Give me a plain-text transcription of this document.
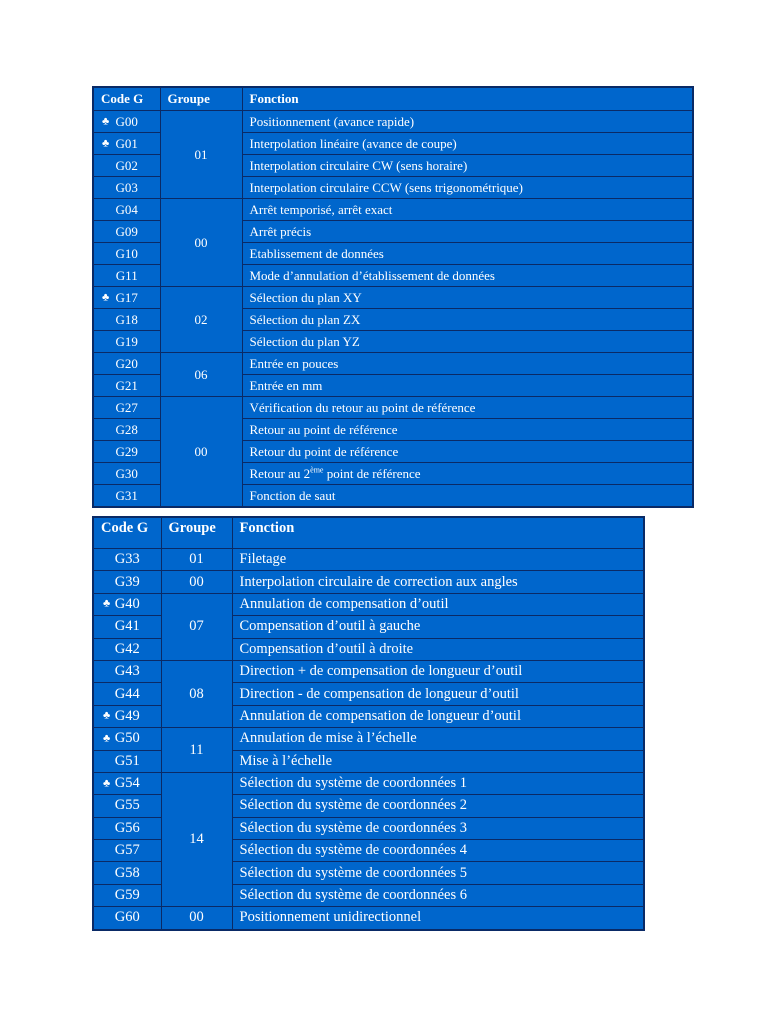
Code G	Groupe	Fonction

♣ G00	01	Positionnement (avance rapide)

♣ G01		Interpolation linéaire (avance de coupe)
G02		Interpolation circulaire CW (sens horaire)
G03		Interpolation circulaire CCW (sens trigonométrique)
G04	00	Arrêt temporisé, arrêt exact
G09		Arrêt précis
G10		Etablissement de données
G11		Mode d’annulation d’établissement de données

♣ G17	02	Sélection du plan XY
G18		Sélection du plan ZX
G19		Sélection du plan YZ
G20	06	Entrée en pouces
G21		Entrée en mm
G27	00	Vérification du retour au point de référence
G28		Retour au point de référence
G29		Retour du point de référence
G30		Retour au 2ème point de référence
G31		Fonction de saut
Code G	Groupe	Fonction
G33	01	Filetage
G39	00	Interpolation circulaire de correction aux angles

♣ G40	07	Annulation de compensation d’outil
G41		Compensation d’outil à gauche
G42		Compensation d’outil à droite
G43	08	Direction + de compensation de longueur d’outil
G44		Direction - de compensation de longueur d’outil

♣ G49		Annulation de compensation de longueur d’outil

♣ G50	11	Annulation de mise à l’échelle
G51		Mise à l’échelle

♣ G54	14	Sélection du système de coordonnées 1
G55		Sélection du système de coordonnées 2
G56		Sélection du système de coordonnées 3
G57		Sélection du système de coordonnées 4
G58		Sélection du système de coordonnées 5
G59		Sélection du système de coordonnées 6
G60	00	Positionnement unidirectionnel
